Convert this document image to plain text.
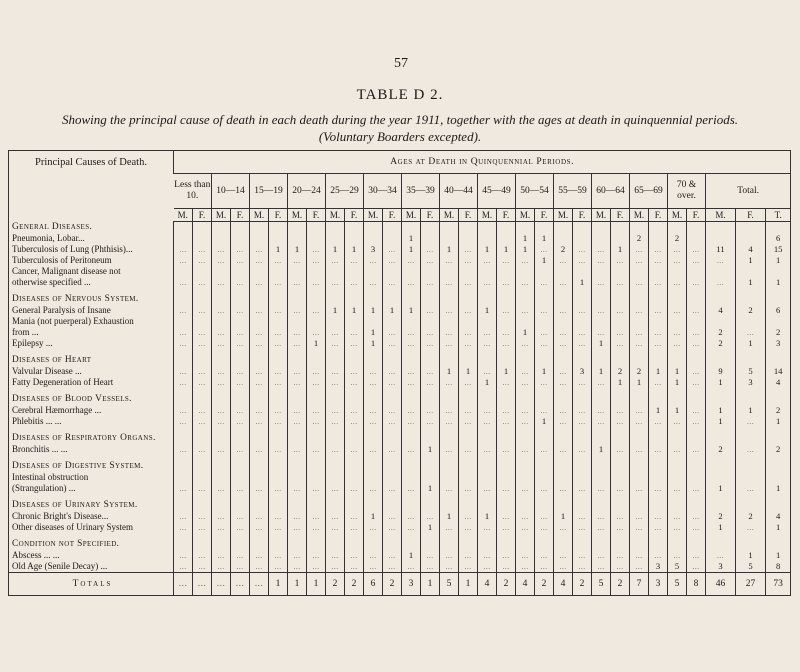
57
TABLE D 2.
Showing the principal cause of death in each death during the year 1911, together with the ages at death in quinquennial periods.
(Voluntary Boarders excepted).
Principal Causes of Death.	Ages at Death in Quinquennial Periods.																														
	Less than 10.		10—14		15—19		20—24		25—29		30—34		35—39		40—44		45—49		50—54		55—59		60—64		65—69		70 & over.		Total.		
	M.	F.	M.	F.	M.	F.	M.	F.	M.	F.	M.	F.	M.	F.	M.	F.	M.	F.	M.	F.	M.	F.	M.	F.	M.	F.	M.	F.	M.	F.	T.
General Diseases.																															
Pneumonia, Lobar...													1						1	1					2		2				6
Tuberculosis of Lung (Phthisis)...	...	...	...	...	...	1	1	...	1	1	3	...	1	...	1	...	1	1	1	...	2	...	...	1	...	...	...	...	11	4	15
Tuberculosis of Peritoneum	...	...	...	...	...	...	...	...	...	...	...	...	...	...	...	...	...	...	...	1	...	...	...	...	...	...	...	...	...	1	1
Cancer, Malignant disease not																															
otherwise specified ...	...	...	...	...	...	...	...	...	...	...	...	...	...	...	...	...	...	...	...	...	...	1	...	...	...	...	...	...	...	1	1

Diseases of Nervous System.																															
General Paralysis of Insane	...	...	...	...	...	...	...	...	1	1	1	1	1	...	...	...	1	...	...	...	...	...	...	...	...	...	...	...	4	2	6
Mania (not puerperal) Exhaustion																															
from ...	...	...	...	...	...	...	...	...	...	...	1	...	...	...	...	...	...	...	1	...	...	...	...	...	...	...	...	...	2	...	2
Epilepsy ...	...	...	...	...	...	...	...	1	...	...	1	...	...	...	...	...	...	...	...	...	...	...	1	...	...	...	...	...	2	1	3

Diseases of Heart																															
Valvular Disease ...	...	...	...	...	...	...	...	...	...	...	...	...	...	...	1	1	...	1	...	1	...	3	1	2	2	1	1	...	9	5	14
Fatty Degeneration of Heart	...	...	...	...	...	...	...	...	...	...	...	...	...	...	...	...	1	...	...	...	...	...	...	1	1	...	1	...	1	3	4

Diseases of Blood Vessels.																															
Cerebral Hæmorrhage ...	...	...	...	...	...	...	...	...	...	...	...	...	...	...	...	...	...	...	...	...	...	...	...	...	...	1	1	...	1	1	2
Phlebitis ... ...	...	...	...	...	...	...	...	...	...	...	...	...	...	...	...	...	...	...	...	1	...	...	...	...	...	...	...	...	1	...	1

Diseases of Respiratory Organs.																															
Bronchitis ... ...	...	...	...	...	...	...	...	...	...	...	...	...	...	1	...	...	...	...	...	...	...	...	1	...	...	...	...	...	2	...	2

Diseases of Digestive System.																															
Intestinal obstruction																															
(Strangulation) ...	...	...	...	...	...	...	...	...	...	...	...	...	...	1	...	...	...	...	...	...	...	...	...	...	...	...	...	...	1	...	1

Diseases of Urinary System.																															
Chronic Bright's Disease...	...	...	...	...	...	...	...	...	...	...	1	...	...	...	1	...	1	...	...	...	1	...	...	...	...	...	...	...	2	2	4
Other diseases of Urinary System	...	...	...	...	...	...	...	...	...	...	...	...	...	1	...	...	...	...	...	...	...	...	...	...	...	...	...	...	1	...	1

Condition not Specified.																															
Abscess ... ...	...	...	...	...	...	...	...	...	...	...	...	...	1	...	...	...	...	...	...	...	...	...	...	...	...	...	...	...	...	1	1
Old Age (Senile Decay) ...	...	...	...	...	...	...	...	...	...	...	...	...	...	...	...	...	...	...	...	...	...	...	...	...	...	3	5	...	3	5	8
Totals	...	...	...	...	...	1	1	1	2	2	6	2	3	1	5	1	4	2	4	2	4	2	5	2	7	3	5	8	46	27	73
